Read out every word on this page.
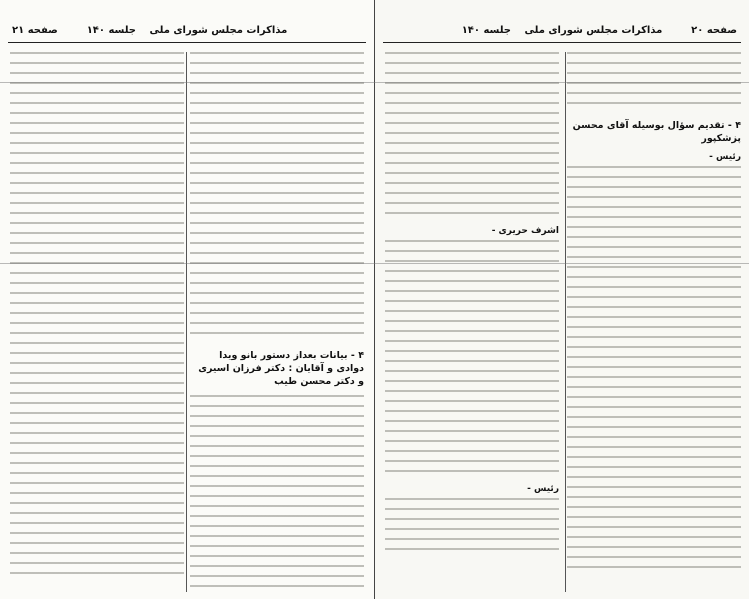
صفحه ۲۱	مذاکرات مجلس شورای ملی جلسه ۱۴۰
۴ - بیانات بعداز دستور بانو ویدا دوادی و آقایان : دکتر فرزان اسیری و دکتر محسن طیب
صفحه ۲۰
مذاکرات مجلس شورای ملی جلسه ۱۴۰
۴ - تقدیم سؤال بوسیله آقای محسن پزشکپور
رئیس -
اشرف حریری -
رئیس -
